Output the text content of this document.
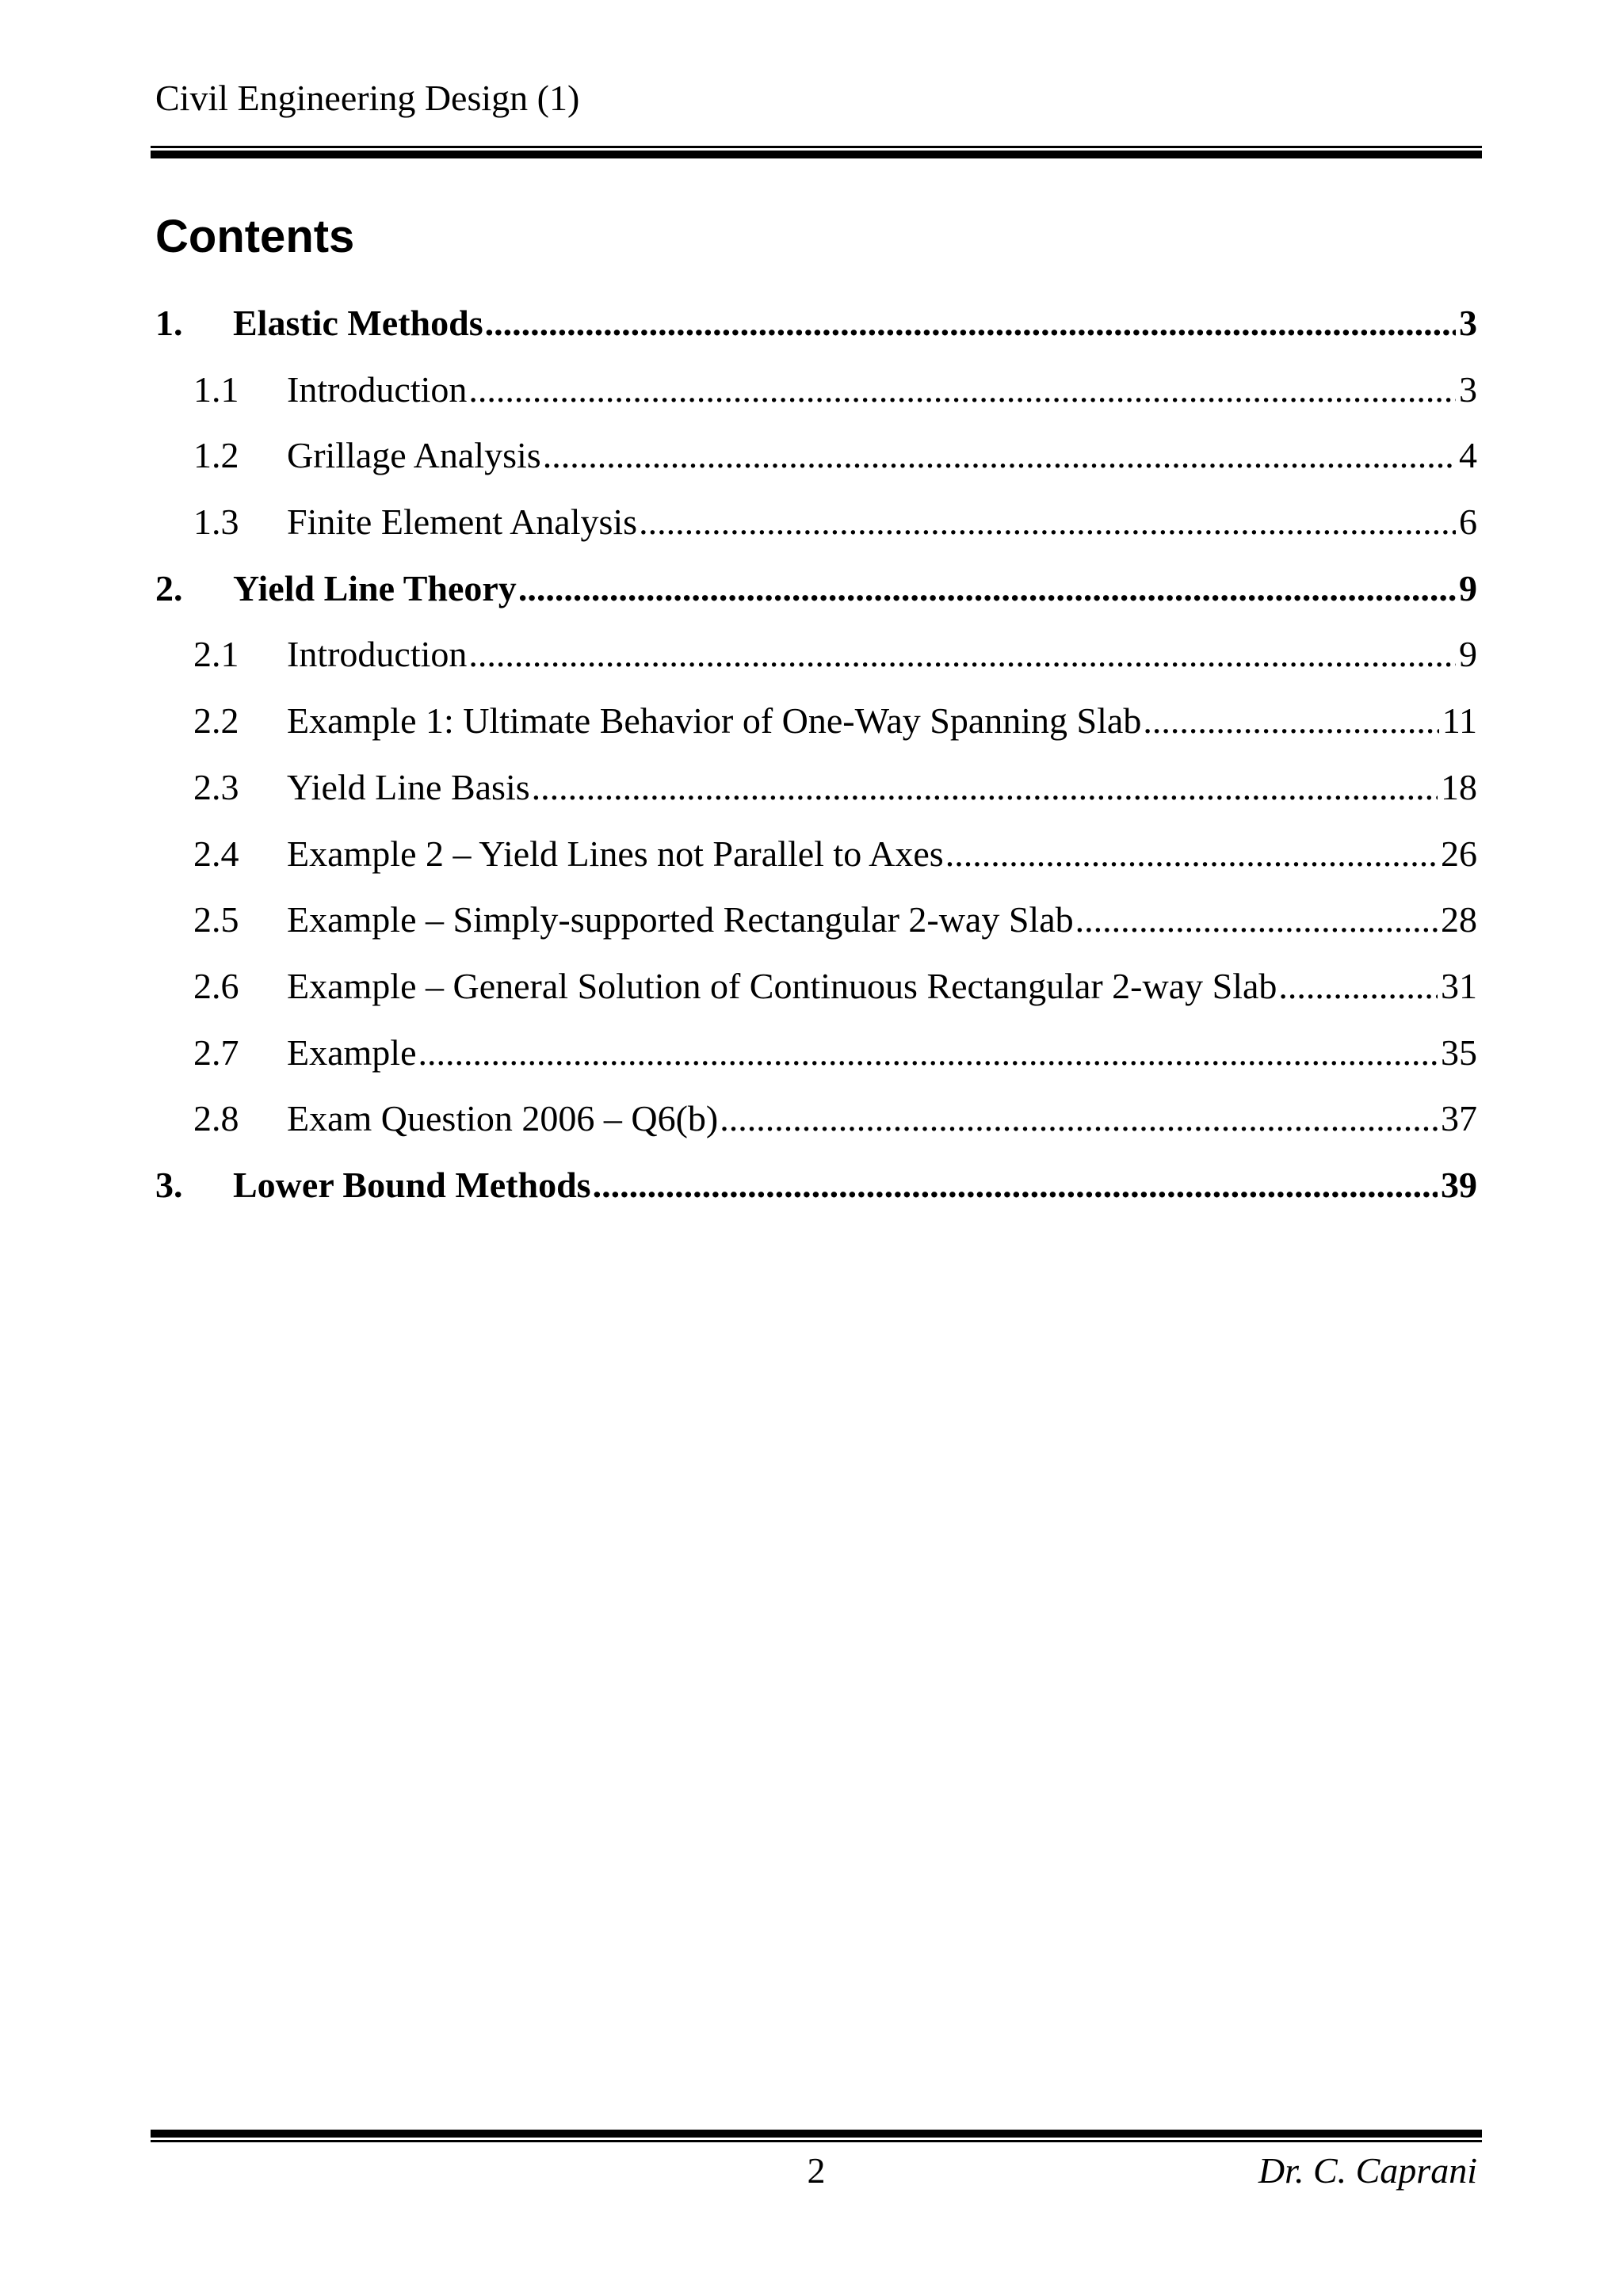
Civil Engineering Design (1)
Contents
1.	Elastic Methods .....	3
1.1	Introduction .....	3
1.2	Grillage Analysis .....	4
1.3	Finite Element Analysis .....	6
2.	Yield Line Theory .....	9
2.1	Introduction .....	9
2.2	Example 1: Ultimate Behavior of One-Way Spanning Slab .....	11
2.3	Yield Line Basis .....	18
2.4	Example 2 – Yield Lines not Parallel to Axes .....	26
2.5	Example – Simply-supported Rectangular 2-way Slab .....	28
2.6	Example – General Solution of Continuous Rectangular 2-way Slab .....	31
2.7	Example .....	35
2.8	Exam Question 2006 – Q6(b) .....	37
3.	Lower Bound Methods .....	39
2	Dr. C. Caprani
